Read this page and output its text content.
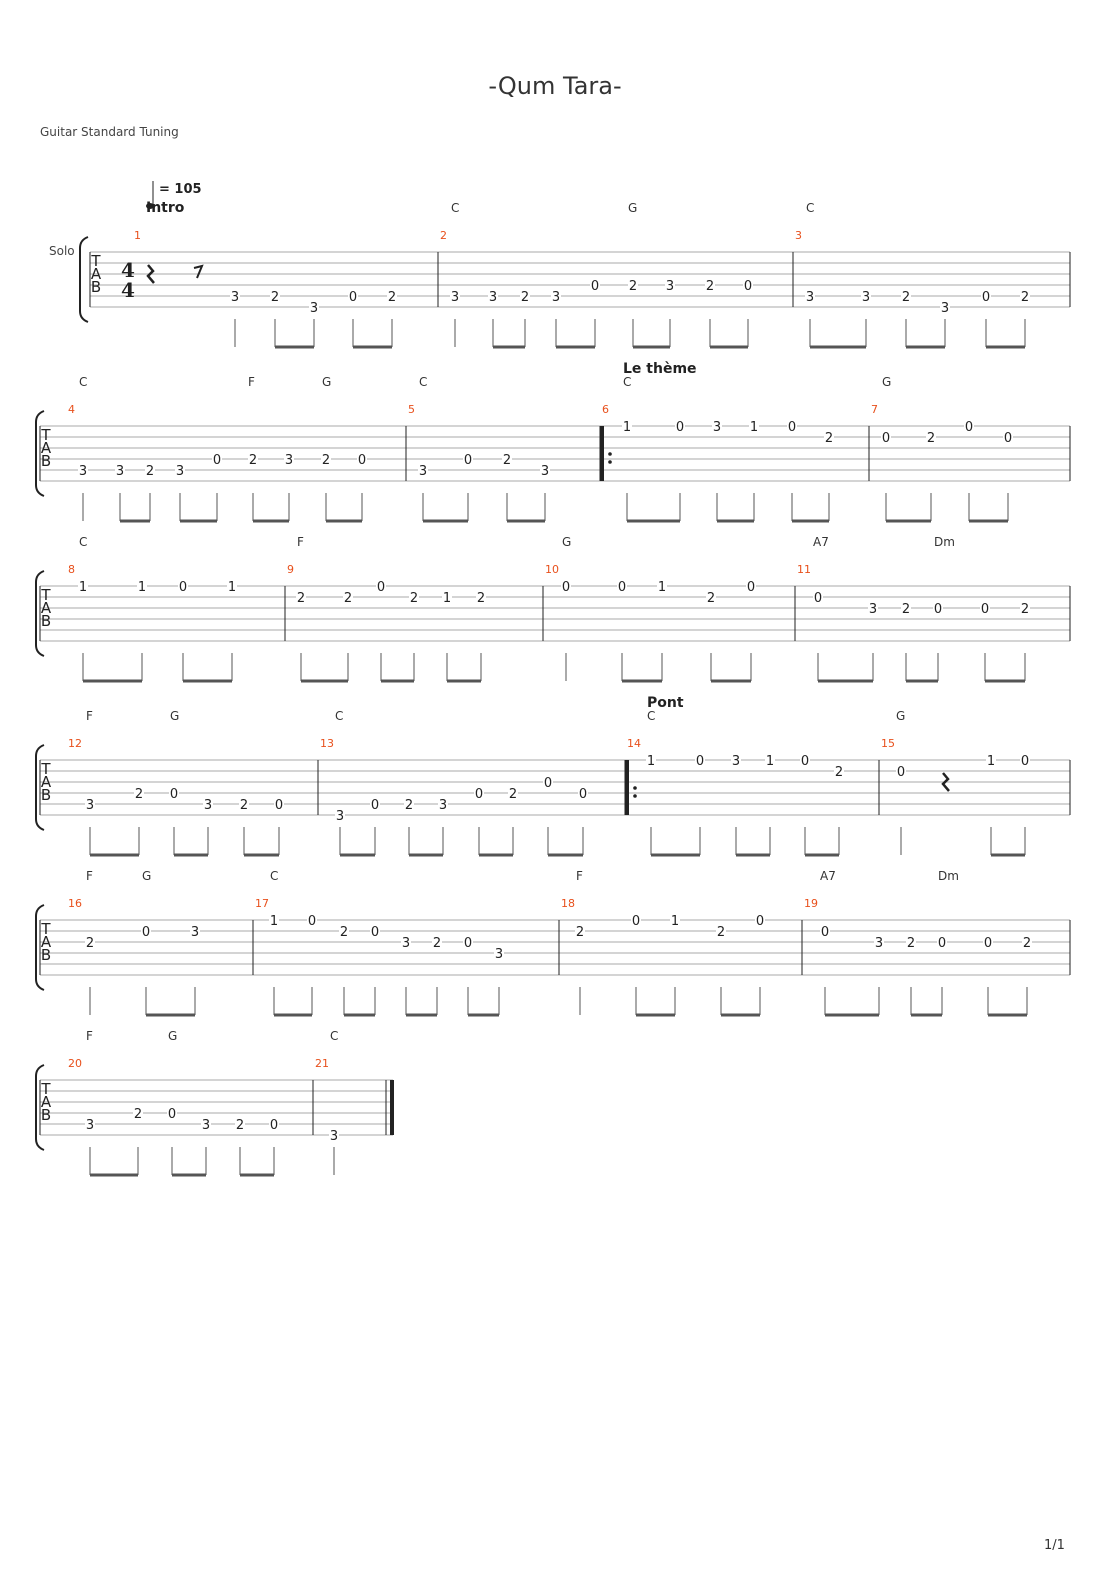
-Qum Tara-
Guitar Standard Tuning
1/1
= 105
Solo
T
A
B
1
Intro
3 2
3
0 2
2
C	G
3 3 2 3
0 2 3 2 0
3
C
3	3 2
3
0 2
T
A
B
4
C	F	G
3 3 2 3
0 2 3 2 0
5
C
3
0 2
3
6
Le thème
C
1	0 3 1 0
2
7
G
0	2
0
0
T
A
B
8
C
1	1	0	1
9
F
2	2
0
2 1 2
10
G
0	0 1
2
0
11
A7	Dm
0
3 2 0	0 2
T
A
B
12
F	G
3
2 0
3 2 0
13
C
3
0 2 3
0 2
0
0
14
Pont
C
1	0 3 1 0
2
15
G
0
1 0
T
A
B
16
F	G
2
0	3
17
C
1 0
2 0
3 2 0
3
18
F
2
0 1
2
0
19
A7	Dm
0
3 2 0	0 2
T
A
B
20
F	G
3
2 0
3 2 0
21
C
3
4
4
